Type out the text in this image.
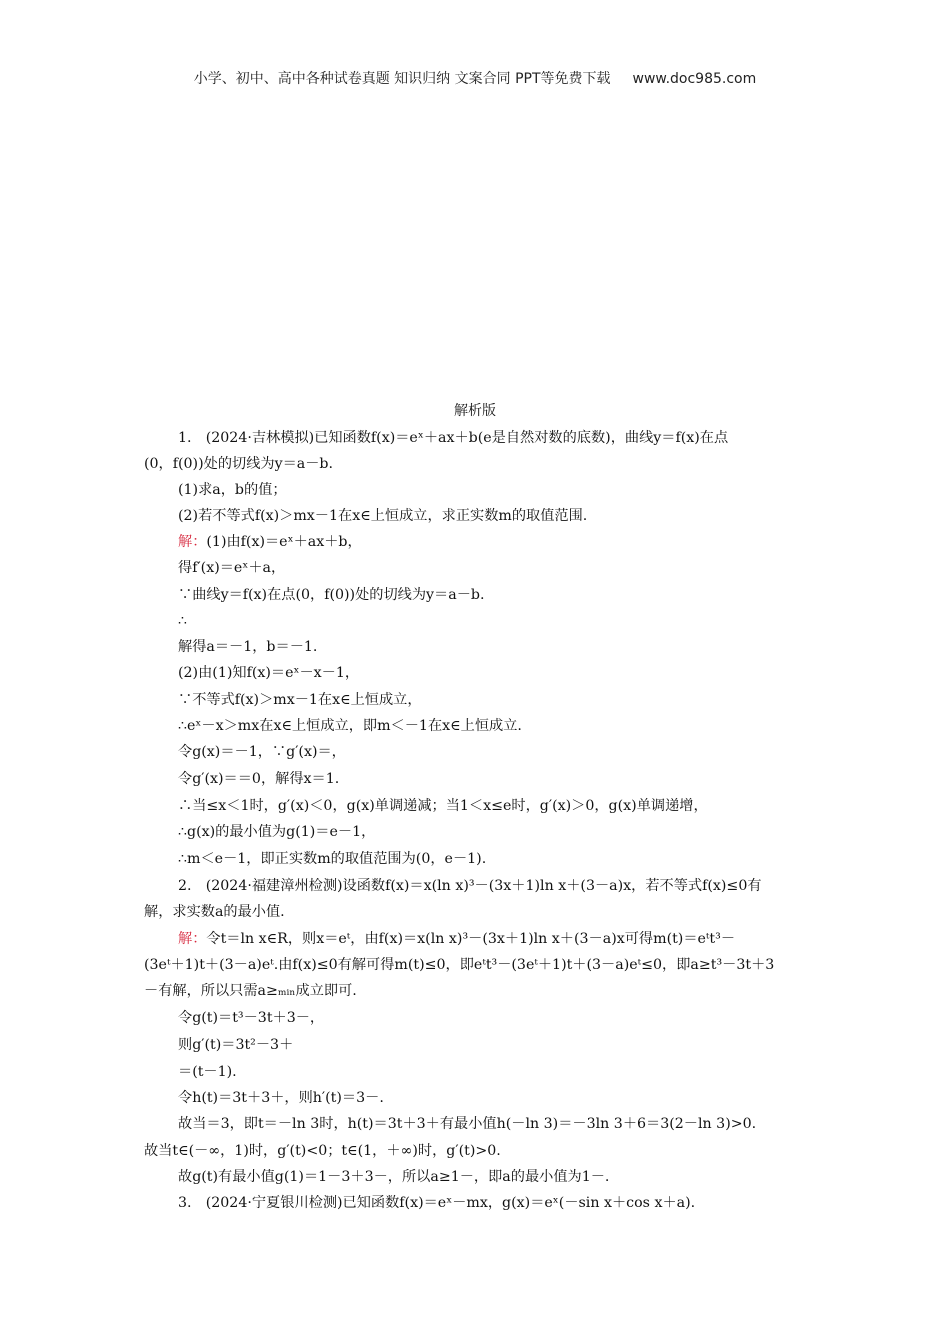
小学、初中、高中各种试卷真题 知识归纳 文案合同 PPT等免费下载 www.doc985.com
解析版
1.　(2024·吉林模拟)已知函数f(x)＝eˣ＋ax＋b(e是自然对数的底数)，曲线y＝f(x)在点
(0，f(0))处的切线为y＝a－b.
(1)求a，b的值；
(2)若不等式f(x)＞mx－1在x∈上恒成立，求正实数m的取值范围.
解：(1)由f(x)＝eˣ＋ax＋b，
得f′(x)＝eˣ＋a，
∵曲线y＝f(x)在点(0，f(0))处的切线为y＝a－b.
∴
解得a＝－1，b＝－1.
(2)由(1)知f(x)＝eˣ－x－1，
∵不等式f(x)＞mx－1在x∈上恒成立，
∴eˣ－x＞mx在x∈上恒成立，即m＜－1在x∈上恒成立.
令g(x)＝－1，∵g′(x)＝，
令g′(x)＝＝0，解得x＝1.
∴当≤x＜1时，g′(x)＜0，g(x)单调递减；当1＜x≤e时，g′(x)＞0，g(x)单调递增，
∴g(x)的最小值为g(1)＝e－1，
∴m＜e－1，即正实数m的取值范围为(0，e－1).
2.　(2024·福建漳州检测)设函数f(x)＝x(ln x)³－(3x＋1)ln x＋(3－a)x，若不等式f(x)≤0有
解，求实数a的最小值.
解：令t＝ln x∈R，则x＝eᵗ，由f(x)＝x(ln x)³－(3x＋1)ln x＋(3－a)x可得m(t)＝eᵗt³－
(3eᵗ＋1)t＋(3－a)eᵗ.由f(x)≤0有解可得m(t)≤0，即eᵗt³－(3eᵗ＋1)t＋(3－a)eᵗ≤0，即a≥t³－3t＋3
－有解，所以只需a≥ₘᵢₙ成立即可.
令g(t)＝t³－3t＋3－，
则g′(t)＝3t²－3＋
＝(t－1).
令h(t)＝3t＋3＋，则h′(t)＝3－.
故当＝3，即t＝－ln 3时，h(t)＝3t＋3＋有最小值h(－ln 3)＝－3ln 3＋6＝3(2－ln 3)>0.
故当t∈(－∞，1)时，g′(t)<0；t∈(1，＋∞)时，g′(t)>0.
故g(t)有最小值g(1)＝1－3＋3－，所以a≥1－，即a的最小值为1－.
3.　(2024·宁夏银川检测)已知函数f(x)＝eˣ－mx，g(x)＝eˣ(－sin x＋cos x＋a).
